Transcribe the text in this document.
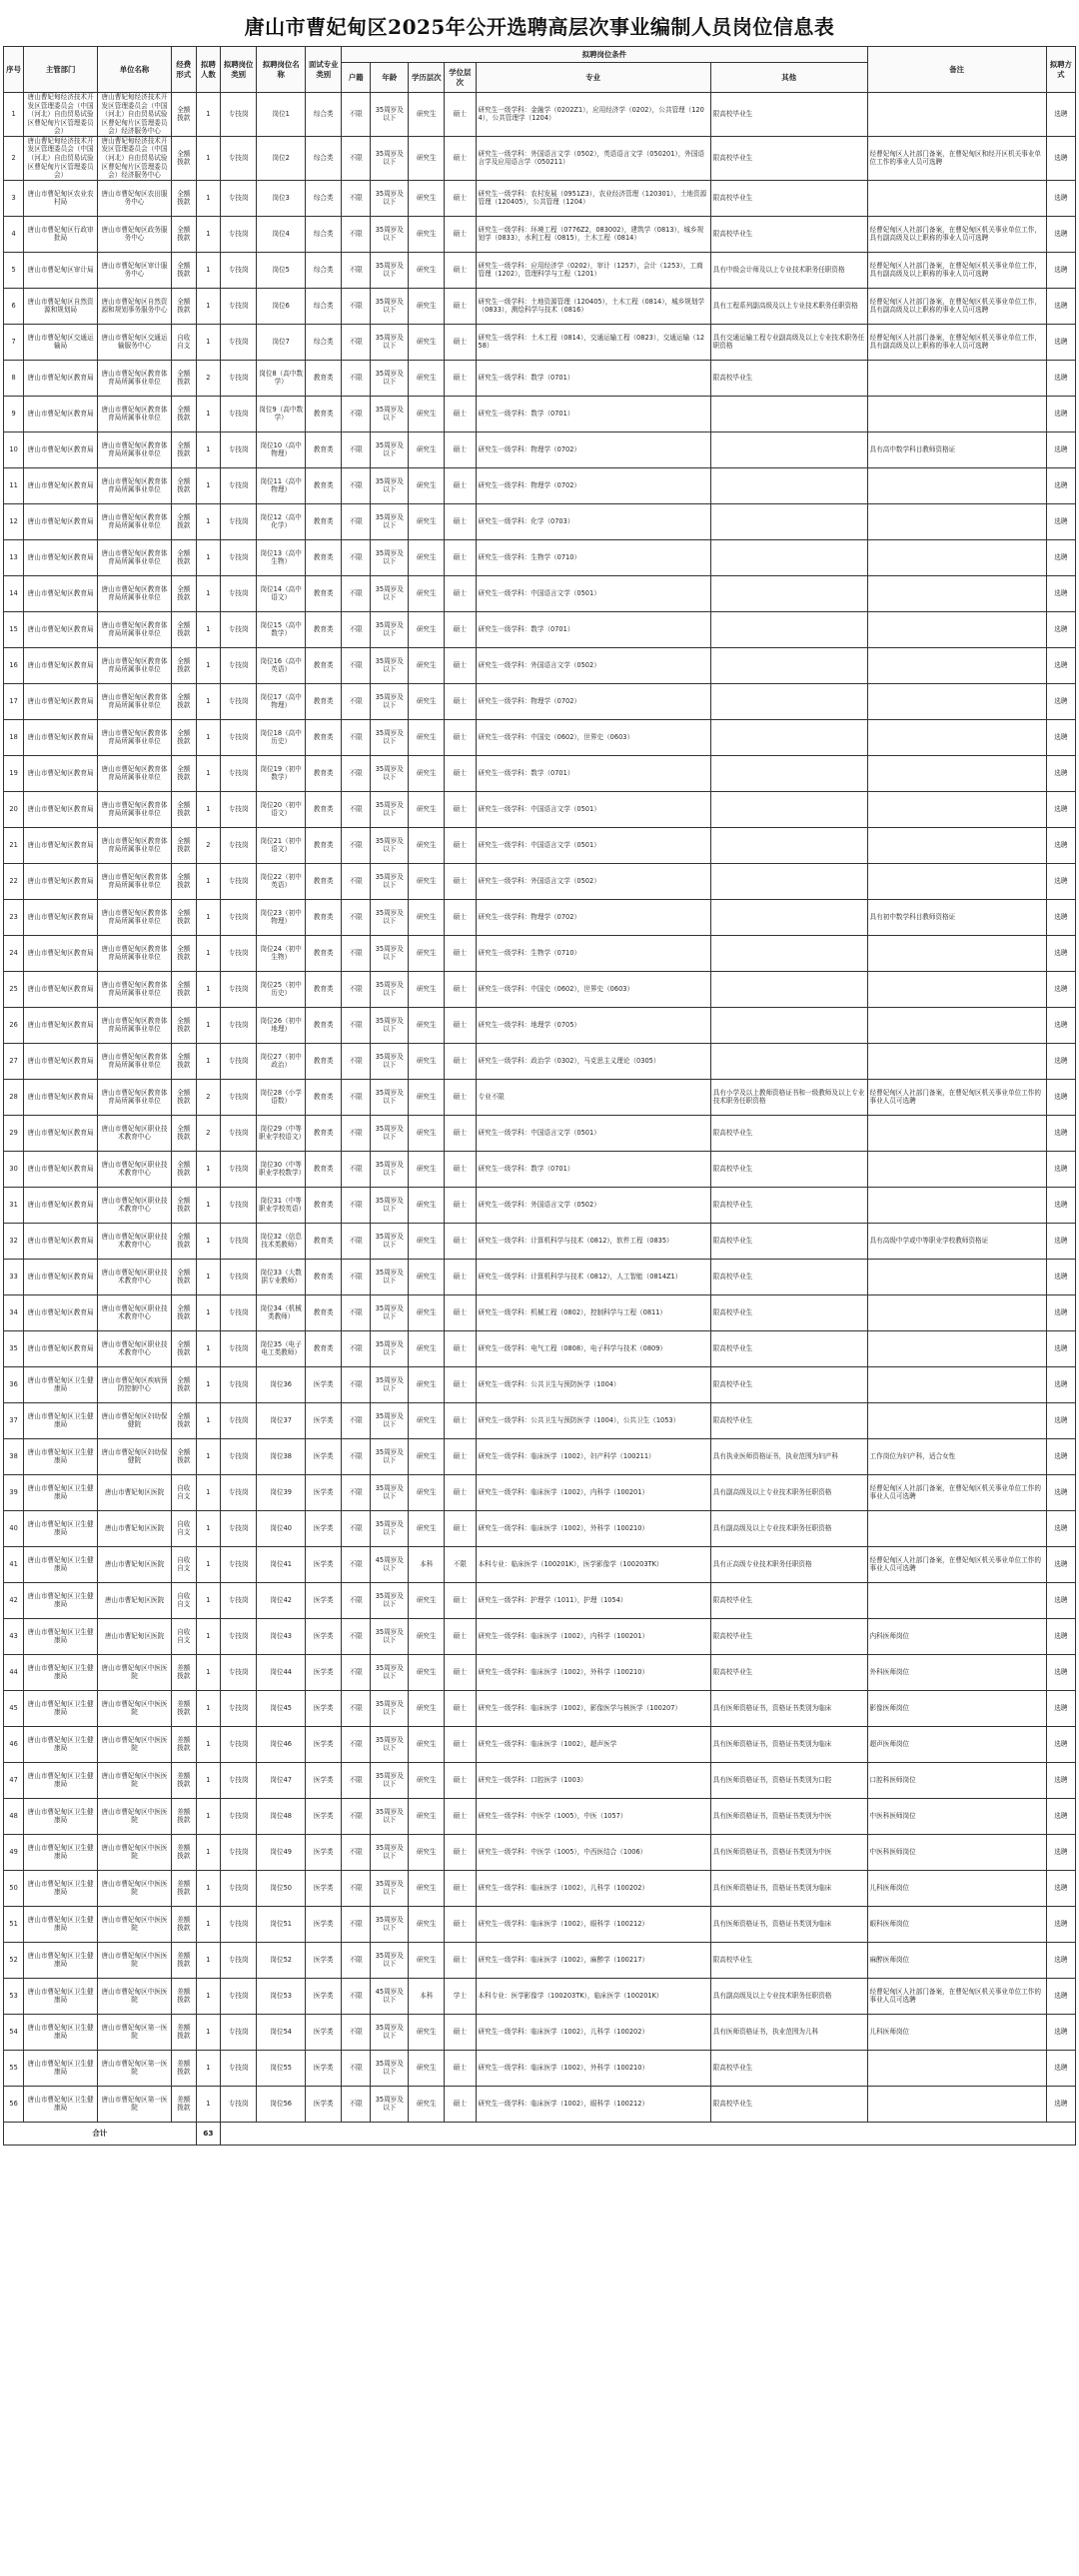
唐山市曹妃甸区2025年公开选聘高层次事业编制人员岗位信息表
序号	主管部门	单位名称	经费形式	拟聘人数	拟聘岗位类别	拟聘岗位名称	面试专业类别	拟聘岗位条件						备注	拟聘方式
								户籍	年龄	学历层次	学位层次	专业	其他		
1	唐山曹妃甸经济技术开发区管理委员会（中国（河北）自由贸易试验区曹妃甸片区管理委员会）	唐山曹妃甸经济技术开发区管理委员会（中国（河北）自由贸易试验区曹妃甸片区管理委员会）经济服务中心	全额拨款	1	专技岗	岗位1	综合类	不限	35周岁及以下	研究生	硕士	研究生一级学科：金融学（0202Z1），应用经济学（0202），公共管理（1204），公共管理学（1204）	限高校毕业生		选聘
2	唐山曹妃甸经济技术开发区管理委员会（中国（河北）自由贸易试验区曹妃甸片区管理委员会）	唐山曹妃甸经济技术开发区管理委员会（中国（河北）自由贸易试验区曹妃甸片区管理委员会）经济服务中心	全额拨款	1	专技岗	岗位2	综合类	不限	35周岁及以下	研究生	硕士	研究生一级学科：外国语言文学（0502），英语语言文学（050201），外国语言学及应用语言学（050211）	限高校毕业生	经曹妃甸区人社部门备案，在曹妃甸区和经开区机关事业单位工作的事业人员可选聘	选聘
3	唐山市曹妃甸区农业农村局	唐山市曹妃甸区农田服务中心	全额拨款	1	专技岗	岗位3	综合类	不限	35周岁及以下	研究生	硕士	研究生一级学科：农村发展（0951Z3），农业经济管理（120301），土地资源管理（120405），公共管理（1204）	限高校毕业生		选聘
4	唐山市曹妃甸区行政审批局	唐山市曹妃甸区政务服务中心	全额拨款	1	专技岗	岗位4	综合类	不限	35周岁及以下	研究生	硕士	研究生一级学科：环境工程（0776Z2，083002），建筑学（0813），城乡规划学（0833），水利工程（0815），土木工程（0814）	限高校毕业生	经曹妃甸区人社部门备案，在曹妃甸区机关事业单位工作，具有副高级及以上职称的事业人员可选聘	选聘
5	唐山市曹妃甸区审计局	唐山市曹妃甸区审计服务中心	全额拨款	1	专技岗	岗位5	综合类	不限	35周岁及以下	研究生	硕士	研究生一级学科：应用经济学（0202），审计（1257），会计（1253），工商管理（1202），管理科学与工程（1201）	具有中级会计师及以上专业技术职务任职资格	经曹妃甸区人社部门备案，在曹妃甸区机关事业单位工作，具有副高级及以上职称的事业人员可选聘	选聘
6	唐山市曹妃甸区自然资源和规划局	唐山市曹妃甸区自然资源和规划事务服务中心	全额拨款	1	专技岗	岗位6	综合类	不限	35周岁及以下	研究生	硕士	研究生一级学科：土地资源管理（120405），土木工程（0814），城乡规划学（0833），测绘科学与技术（0816）	具有工程系列副高级及以上专业技术职务任职资格	经曹妃甸区人社部门备案，在曹妃甸区机关事业单位工作，具有副高级及以上职称的事业人员可选聘	选聘
7	唐山市曹妃甸区交通运输局	唐山市曹妃甸区交通运输服务中心	自收自支	1	专技岗	岗位7	综合类	不限	35周岁及以下	研究生	硕士	研究生一级学科：土木工程（0814），交通运输工程（0823），交通运输（1258）	具有交通运输工程专业副高级及以上专业技术职务任职资格	经曹妃甸区人社部门备案，在曹妃甸区机关事业单位工作，具有副高级及以上职称的事业人员可选聘	选聘
8	唐山市曹妃甸区教育局	唐山市曹妃甸区教育体育局所属事业单位	全额拨款	2	专技岗	岗位8（高中数学）	教育类	不限	35周岁及以下	研究生	硕士	研究生一级学科：数学（0701）	限高校毕业生		选聘
9	唐山市曹妃甸区教育局	唐山市曹妃甸区教育体育局所属事业单位	全额拨款	1	专技岗	岗位9（高中数学）	教育类	不限	35周岁及以下	研究生	硕士	研究生一级学科：数学（0701）			选聘
10	唐山市曹妃甸区教育局	唐山市曹妃甸区教育体育局所属事业单位	全额拨款	1	专技岗	岗位10（高中物理）	教育类	不限	35周岁及以下	研究生	硕士	研究生一级学科：物理学（0702）		具有高中数学科目教师资格证	选聘
11	唐山市曹妃甸区教育局	唐山市曹妃甸区教育体育局所属事业单位	全额拨款	1	专技岗	岗位11（高中物理）	教育类	不限	35周岁及以下	研究生	硕士	研究生一级学科：物理学（0702）			选聘
12	唐山市曹妃甸区教育局	唐山市曹妃甸区教育体育局所属事业单位	全额拨款	1	专技岗	岗位12（高中化学）	教育类	不限	35周岁及以下	研究生	硕士	研究生一级学科：化学（0703）			选聘
13	唐山市曹妃甸区教育局	唐山市曹妃甸区教育体育局所属事业单位	全额拨款	1	专技岗	岗位13（高中生物）	教育类	不限	35周岁及以下	研究生	硕士	研究生一级学科：生物学（0710）			选聘
14	唐山市曹妃甸区教育局	唐山市曹妃甸区教育体育局所属事业单位	全额拨款	1	专技岗	岗位14（高中语文）	教育类	不限	35周岁及以下	研究生	硕士	研究生一级学科：中国语言文学（0501）			选聘
15	唐山市曹妃甸区教育局	唐山市曹妃甸区教育体育局所属事业单位	全额拨款	1	专技岗	岗位15（高中数学）	教育类	不限	35周岁及以下	研究生	硕士	研究生一级学科：数学（0701）			选聘
16	唐山市曹妃甸区教育局	唐山市曹妃甸区教育体育局所属事业单位	全额拨款	1	专技岗	岗位16（高中英语）	教育类	不限	35周岁及以下	研究生	硕士	研究生一级学科：外国语言文学（0502）			选聘
17	唐山市曹妃甸区教育局	唐山市曹妃甸区教育体育局所属事业单位	全额拨款	1	专技岗	岗位17（高中物理）	教育类	不限	35周岁及以下	研究生	硕士	研究生一级学科：物理学（0702）			选聘
18	唐山市曹妃甸区教育局	唐山市曹妃甸区教育体育局所属事业单位	全额拨款	1	专技岗	岗位18（高中历史）	教育类	不限	35周岁及以下	研究生	硕士	研究生一级学科：中国史（0602），世界史（0603）			选聘
19	唐山市曹妃甸区教育局	唐山市曹妃甸区教育体育局所属事业单位	全额拨款	1	专技岗	岗位19（初中数学）	教育类	不限	35周岁及以下	研究生	硕士	研究生一级学科：数学（0701）			选聘
20	唐山市曹妃甸区教育局	唐山市曹妃甸区教育体育局所属事业单位	全额拨款	1	专技岗	岗位20（初中语文）	教育类	不限	35周岁及以下	研究生	硕士	研究生一级学科：中国语言文学（0501）			选聘
21	唐山市曹妃甸区教育局	唐山市曹妃甸区教育体育局所属事业单位	全额拨款	2	专技岗	岗位21（初中语文）	教育类	不限	35周岁及以下	研究生	硕士	研究生一级学科：中国语言文学（0501）			选聘
22	唐山市曹妃甸区教育局	唐山市曹妃甸区教育体育局所属事业单位	全额拨款	1	专技岗	岗位22（初中英语）	教育类	不限	35周岁及以下	研究生	硕士	研究生一级学科：外国语言文学（0502）			选聘
23	唐山市曹妃甸区教育局	唐山市曹妃甸区教育体育局所属事业单位	全额拨款	1	专技岗	岗位23（初中物理）	教育类	不限	35周岁及以下	研究生	硕士	研究生一级学科：物理学（0702）		具有初中数学科目教师资格证	选聘
24	唐山市曹妃甸区教育局	唐山市曹妃甸区教育体育局所属事业单位	全额拨款	1	专技岗	岗位24（初中生物）	教育类	不限	35周岁及以下	研究生	硕士	研究生一级学科：生物学（0710）			选聘
25	唐山市曹妃甸区教育局	唐山市曹妃甸区教育体育局所属事业单位	全额拨款	1	专技岗	岗位25（初中历史）	教育类	不限	35周岁及以下	研究生	硕士	研究生一级学科：中国史（0602），世界史（0603）			选聘
26	唐山市曹妃甸区教育局	唐山市曹妃甸区教育体育局所属事业单位	全额拨款	1	专技岗	岗位26（初中地理）	教育类	不限	35周岁及以下	研究生	硕士	研究生一级学科：地理学（0705）			选聘
27	唐山市曹妃甸区教育局	唐山市曹妃甸区教育体育局所属事业单位	全额拨款	1	专技岗	岗位27（初中政治）	教育类	不限	35周岁及以下	研究生	硕士	研究生一级学科：政治学（0302），马克思主义理论（0305）			选聘
28	唐山市曹妃甸区教育局	唐山市曹妃甸区教育体育局所属事业单位	全额拨款	2	专技岗	岗位28（小学语数）	教育类	不限	35周岁及以下	研究生	硕士	专业不限	具有小学及以上教师资格证书和一级教师及以上专业技术职务任职资格	经曹妃甸区人社部门备案，在曹妃甸区机关事业单位工作的事业人员可选聘	选聘
29	唐山市曹妃甸区教育局	唐山市曹妃甸区职业技术教育中心	全额拨款	2	专技岗	岗位29（中等职业学校语文）	教育类	不限	35周岁及以下	研究生	硕士	研究生一级学科：中国语言文学（0501）	限高校毕业生		选聘
30	唐山市曹妃甸区教育局	唐山市曹妃甸区职业技术教育中心	全额拨款	1	专技岗	岗位30（中等职业学校数学）	教育类	不限	35周岁及以下	研究生	硕士	研究生一级学科：数学（0701）	限高校毕业生		选聘
31	唐山市曹妃甸区教育局	唐山市曹妃甸区职业技术教育中心	全额拨款	1	专技岗	岗位31（中等职业学校英语）	教育类	不限	35周岁及以下	研究生	硕士	研究生一级学科：外国语言文学（0502）	限高校毕业生		选聘
32	唐山市曹妃甸区教育局	唐山市曹妃甸区职业技术教育中心	全额拨款	1	专技岗	岗位32（信息技术类教师）	教育类	不限	35周岁及以下	研究生	硕士	研究生一级学科：计算机科学与技术（0812），软件工程（0835）	限高校毕业生	具有高级中学或中等职业学校教师资格证	选聘
33	唐山市曹妃甸区教育局	唐山市曹妃甸区职业技术教育中心	全额拨款	1	专技岗	岗位33（大数据专业教师）	教育类	不限	35周岁及以下	研究生	硕士	研究生一级学科：计算机科学与技术（0812），人工智能（0814Z1）	限高校毕业生		选聘
34	唐山市曹妃甸区教育局	唐山市曹妃甸区职业技术教育中心	全额拨款	1	专技岗	岗位34（机械类教师）	教育类	不限	35周岁及以下	研究生	硕士	研究生一级学科：机械工程（0802），控制科学与工程（0811）	限高校毕业生		选聘
35	唐山市曹妃甸区教育局	唐山市曹妃甸区职业技术教育中心	全额拨款	1	专技岗	岗位35（电子电工类教师）	教育类	不限	35周岁及以下	研究生	硕士	研究生一级学科：电气工程（0808），电子科学与技术（0809）	限高校毕业生		选聘
36	唐山市曹妃甸区卫生健康局	唐山市曹妃甸区疾病预防控制中心	全额拨款	1	专技岗	岗位36	医学类	不限	35周岁及以下	研究生	硕士	研究生一级学科：公共卫生与预防医学（1004）	限高校毕业生		选聘
37	唐山市曹妃甸区卫生健康局	唐山市曹妃甸区妇幼保健院	全额拨款	1	专技岗	岗位37	医学类	不限	35周岁及以下	研究生	硕士	研究生一级学科：公共卫生与预防医学（1004），公共卫生（1053）	限高校毕业生		选聘
38	唐山市曹妃甸区卫生健康局	唐山市曹妃甸区妇幼保健院	全额拨款	1	专技岗	岗位38	医学类	不限	35周岁及以下	研究生	硕士	研究生一级学科：临床医学（1002），妇产科学（100211）	具有执业医师资格证书，执业范围为妇产科	工作岗位为妇产科，适合女性	选聘
39	唐山市曹妃甸区卫生健康局	唐山市曹妃甸区医院	自收自支	1	专技岗	岗位39	医学类	不限	35周岁及以下	研究生	硕士	研究生一级学科：临床医学（1002），内科学（100201）	具有副高级及以上专业技术职务任职资格	经曹妃甸区人社部门备案，在曹妃甸区机关事业单位工作的事业人员可选聘	选聘
40	唐山市曹妃甸区卫生健康局	唐山市曹妃甸区医院	自收自支	1	专技岗	岗位40	医学类	不限	35周岁及以下	研究生	硕士	研究生一级学科：临床医学（1002），外科学（100210）	具有副高级及以上专业技术职务任职资格		选聘
41	唐山市曹妃甸区卫生健康局	唐山市曹妃甸区医院	自收自支	1	专技岗	岗位41	医学类	不限	45周岁及以下	本科	不限	本科专业：临床医学（100201K），医学影像学（100203TK）	具有正高级专业技术职务任职资格	经曹妃甸区人社部门备案，在曹妃甸区机关事业单位工作的事业人员可选聘	选聘
42	唐山市曹妃甸区卫生健康局	唐山市曹妃甸区医院	自收自支	1	专技岗	岗位42	医学类	不限	35周岁及以下	研究生	硕士	研究生一级学科：护理学（1011），护理（1054）	限高校毕业生		选聘
43	唐山市曹妃甸区卫生健康局	唐山市曹妃甸区医院	自收自支	1	专技岗	岗位43	医学类	不限	35周岁及以下	研究生	硕士	研究生一级学科：临床医学（1002），内科学（100201）	限高校毕业生	内科医师岗位	选聘
44	唐山市曹妃甸区卫生健康局	唐山市曹妃甸区中医医院	差额拨款	1	专技岗	岗位44	医学类	不限	35周岁及以下	研究生	硕士	研究生一级学科：临床医学（1002），外科学（100210）	限高校毕业生	外科医师岗位	选聘
45	唐山市曹妃甸区卫生健康局	唐山市曹妃甸区中医医院	差额拨款	1	专技岗	岗位45	医学类	不限	35周岁及以下	研究生	硕士	研究生一级学科：临床医学（1002），影像医学与核医学（100207）	具有医师资格证书，资格证书类别为临床	影像医师岗位	选聘
46	唐山市曹妃甸区卫生健康局	唐山市曹妃甸区中医医院	差额拨款	1	专技岗	岗位46	医学类	不限	35周岁及以下	研究生	硕士	研究生一级学科：临床医学（1002），超声医学	具有医师资格证书，资格证书类别为临床	超声医师岗位	选聘
47	唐山市曹妃甸区卫生健康局	唐山市曹妃甸区中医医院	差额拨款	1	专技岗	岗位47	医学类	不限	35周岁及以下	研究生	硕士	研究生一级学科：口腔医学（1003）	具有医师资格证书，资格证书类别为口腔	口腔科医师岗位	选聘
48	唐山市曹妃甸区卫生健康局	唐山市曹妃甸区中医医院	差额拨款	1	专技岗	岗位48	医学类	不限	35周岁及以下	研究生	硕士	研究生一级学科：中医学（1005），中医（1057）	具有医师资格证书，资格证书类别为中医	中医科医师岗位	选聘
49	唐山市曹妃甸区卫生健康局	唐山市曹妃甸区中医医院	差额拨款	1	专技岗	岗位49	医学类	不限	35周岁及以下	研究生	硕士	研究生一级学科：中医学（1005），中西医结合（1006）	具有医师资格证书，资格证书类别为中医	中医科医师岗位	选聘
50	唐山市曹妃甸区卫生健康局	唐山市曹妃甸区中医医院	差额拨款	1	专技岗	岗位50	医学类	不限	35周岁及以下	研究生	硕士	研究生一级学科：临床医学（1002），儿科学（100202）	具有医师资格证书，资格证书类别为临床	儿科医师岗位	选聘
51	唐山市曹妃甸区卫生健康局	唐山市曹妃甸区中医医院	差额拨款	1	专技岗	岗位51	医学类	不限	35周岁及以下	研究生	硕士	研究生一级学科：临床医学（1002），眼科学（100212）	具有医师资格证书，资格证书类别为临床	眼科医师岗位	选聘
52	唐山市曹妃甸区卫生健康局	唐山市曹妃甸区中医医院	差额拨款	1	专技岗	岗位52	医学类	不限	35周岁及以下	研究生	硕士	研究生一级学科：临床医学（1002），麻醉学（100217）	限高校毕业生	麻醉医师岗位	选聘
53	唐山市曹妃甸区卫生健康局	唐山市曹妃甸区中医医院	差额拨款	1	专技岗	岗位53	医学类	不限	45周岁及以下	本科	学士	本科专业：医学影像学（100203TK），临床医学（100201K）	具有副高级及以上专业技术职务任职资格	经曹妃甸区人社部门备案，在曹妃甸区机关事业单位工作的事业人员可选聘	选聘
54	唐山市曹妃甸区卫生健康局	唐山市曹妃甸区第一医院	差额拨款	1	专技岗	岗位54	医学类	不限	35周岁及以下	研究生	硕士	研究生一级学科：临床医学（1002），儿科学（100202）	具有医师资格证书，执业范围为儿科	儿科医师岗位	选聘
55	唐山市曹妃甸区卫生健康局	唐山市曹妃甸区第一医院	差额拨款	1	专技岗	岗位55	医学类	不限	35周岁及以下	研究生	硕士	研究生一级学科：临床医学（1002），外科学（100210）	限高校毕业生		选聘
56	唐山市曹妃甸区卫生健康局	唐山市曹妃甸区第一医院	差额拨款	1	专技岗	岗位56	医学类	不限	35周岁及以下	研究生	硕士	研究生一级学科：临床医学（1002），眼科学（100212）	限高校毕业生		选聘
合计				63											
